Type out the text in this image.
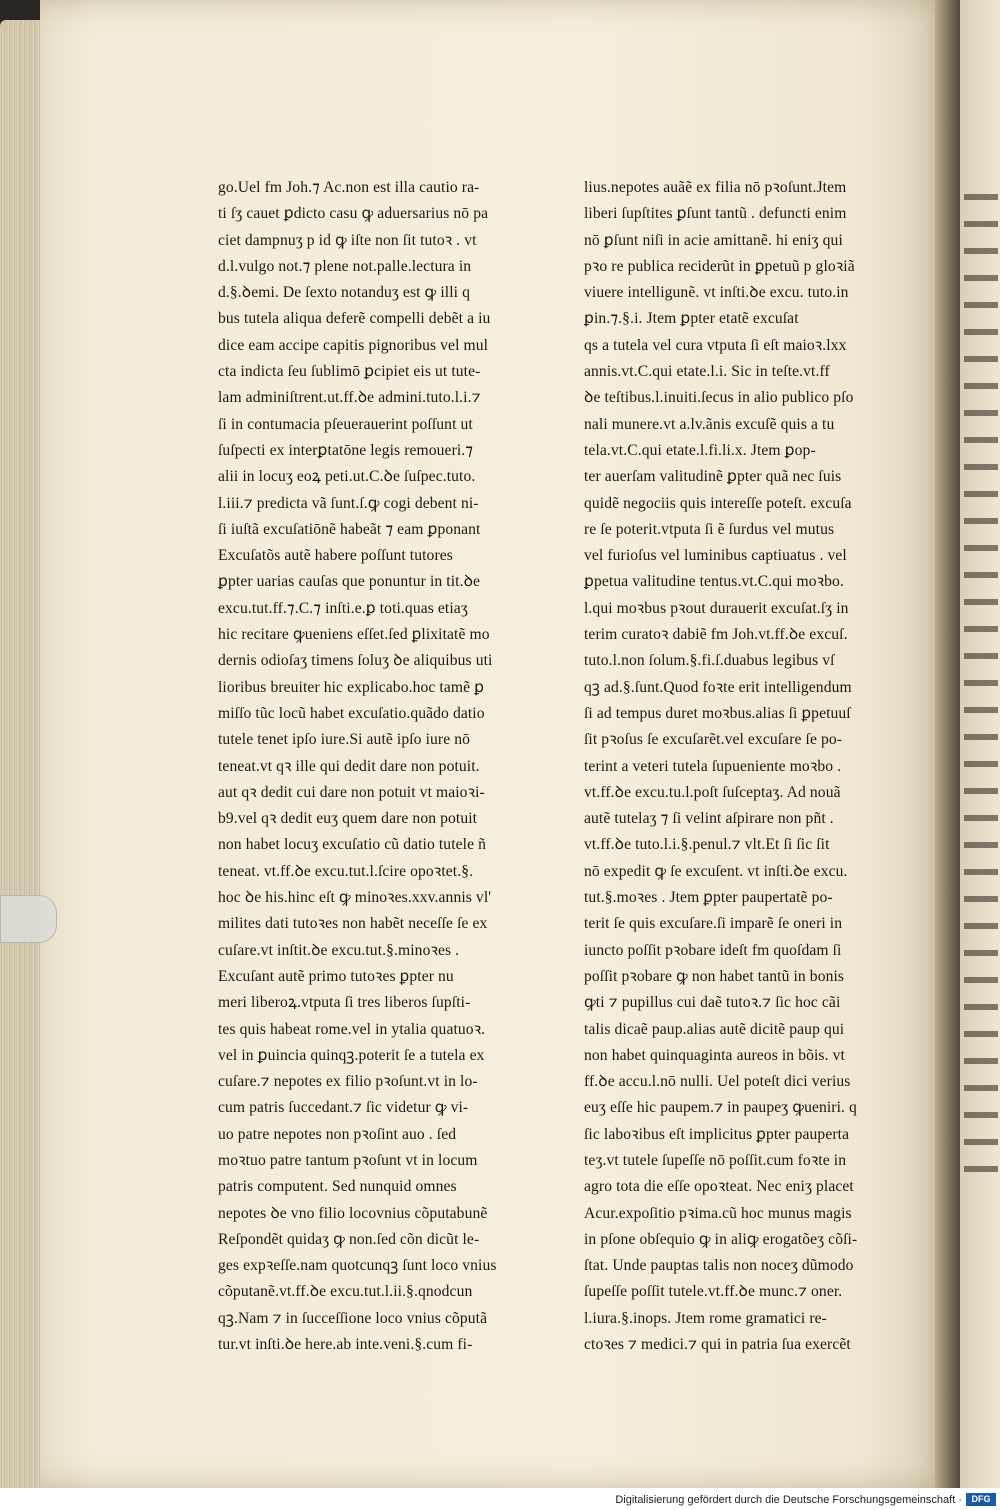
go.Uel fm Joh.⁊ Ac.non est illa cautio ra-
ti ſʒ cauet ꝑdicto casu ꝙ aduersarius nō pa
ciet dampnuʒ p id ꝙ iſte non ſit tutoꝛ . vt
d.l.vulgo not.⁊ plene not.palle.lectura in
d.§.ꝺemi. De ſexto notanduʒ est ꝙ illi q
bus tutela aliqua deferẽ compelli debẽt a iu
dice eam accipe capitis pignoribus vel mul
cta indicta ſeu ſublimō ꝑcipiet eis ut tute-
lam adminiſtrent.ut.ff.ꝺe admini.tuto.l.i.⁊
ſi in contumacia pſeuerauerint poſſunt ut
ſuſpecti ex interꝑtatōne legis remoueri.⁊
alii in locuʒ eoꝝ peti.ut.C.ꝺe ſuſpec.tuto.
l.iii.⁊ predicta vã ſunt.ſ.ꝙ cogi debent ni-
ſi iuſtã excuſatiōnẽ habeãt ⁊ eam ꝑponant
Excuſatõs autẽ habere poſſunt tutores
ꝑpter uarias cauſas que ponuntur in tit.ꝺe
excu.tut.ff.⁊.C.⁊ inſti.e.ꝑ toti.quas etiaʒ
hic recitare ꝙueniens eſſet.ſed ꝑlixitatẽ mo
dernis odioſaʒ timens ſoluʒ ꝺe aliquibus uti
lioribus breuiter hic explicabo.hoc tamẽ ꝑ
miſſo tũc locũ habet excuſatio.quãdo datio
tutele tenet ipſo iure.Si autẽ ipſo iure nō
teneat.vt qꝛ ille qui dedit dare non potuit.
aut qꝛ dedit cui dare non potuit vt maioꝛi-
b9.vel qꝛ dedit euʒ quem dare non potuit
non habet locuʒ excuſatio cũ datio tutele ñ
teneat. vt.ff.ꝺe excu.tut.l.ſcire opoꝛtet.§.
hoc ꝺe his.hinc eſt ꝙ minoꝛes.xxv.annis vl'
milites dati tutoꝛes non habẽt neceſſe ſe ex
cuſare.vt inſtit.ꝺe excu.tut.§.minoꝛes .
Excuſant autẽ primo tutoꝛes ꝑpter nu
meri liberoꝝ.vtputa ſi tres liberos ſupſti-
tes quis habeat rome.vel in ytalia quatuoꝛ.
vel in ꝑuincia quinqꝫ.poterit ſe a tutela ex
cuſare.⁊ nepotes ex filio pꝛoſunt.vt in lo-
cum patris ſuccedant.⁊ ſic videtur ꝙ vi-
uo patre nepotes non pꝛoſint auo . ſed
moꝛtuo patre tantum pꝛoſunt vt in locum
patris computent. Sed nunquid omnes
nepotes ꝺe vno filio locovnius cõputabunẽ
Reſpondẽt quidaʒ ꝙ non.ſed cõn dicũt le-
ges expꝛeſſe.nam quotcunqꝫ ſunt loco vnius
cõputanẽ.vt.ff.ꝺe excu.tut.l.ii.§.qnodcun
qꝫ.Nam ⁊ in ſucceſſione loco vnius cõputã
tur.vt inſti.ꝺe here.ab inte.veni.§.cum fi-
lius.nepotes auãẽ ex filia nō pꝛoſunt.Jtem
liberi ſupſtites ꝑſunt tantũ . defuncti enim
nō ꝑſunt niſi in acie amittanẽ. hi eniʒ qui
pꝛo re publica reciderũt in ꝑpetuũ p gloꝛiã
viuere intelligunẽ. vt inſti.ꝺe excu. tuto.in
ꝑin.⁊.§.i. Jtem ꝑpter etatẽ excuſat
qs a tutela vel cura vtputa ſi eſt maioꝛ.lxx
annis.vt.C.qui etate.l.i. Sic in teſte.vt.ff
ꝺe teſtibus.l.inuiti.ſecus in alio publico pſo
nali munere.vt a.lv.ãnis excuſẽ quis a tu
tela.vt.C.qui etate.l.fi.li.x. Jtem ꝑop-
ter auerſam valitudinẽ ꝑpter quã nec ſuis
quidẽ negociis quis intereſſe poteſt. excuſa
re ſe poterit.vtputa ſi ẽ ſurdus vel mutus
vel furioſus vel luminibus captiuatus . vel
ꝑpetua valitudine tentus.vt.C.qui moꝛbo.
l.qui moꝛbus pꝛout durauerit excuſat.ſʒ in
terim curatoꝛ dabiẽ fm Joh.vt.ff.ꝺe excuſ.
tuto.l.non ſolum.§.fi.ſ.duabus legibus vſ
qꝫ ad.§.ſunt.Quod foꝛte erit intelligendum
ſi ad tempus duret moꝛbus.alias ſi ꝑpetuuſ
ſit pꝛoſus ſe excuſarẽt.vel excuſare ſe po-
terint a veteri tutela ſupueniente moꝛbo .
vt.ff.ꝺe excu.tu.l.poſt ſuſceptaʒ. Ad nouã
autẽ tutelaʒ ⁊ ſi velint aſpirare non pñt .
vt.ff.ꝺe tuto.l.i.§.penul.⁊ vlt.Et ſi ſic ſit
nō expedit ꝙ ſe excuſent. vt inſti.ꝺe excu.
tut.§.moꝛes . Jtem ꝑpter paupertatẽ po-
terit ſe quis excuſare.ſi imparẽ ſe oneri in
iuncto poſſit pꝛobare ideſt fm quoſdam ſi
poſſit pꝛobare ꝙ non habet tantũ in bonis
ꝙti ⁊ pupillus cui daẽ tutoꝛ.⁊ ſic hoc cãi
talis dicaẽ paup.alias autẽ dicitẽ paup qui
non habet quinquaginta aureos in bõis. vt
ff.ꝺe accu.l.nō nulli. Uel poteſt dici verius
euʒ eſſe hic paupem.⁊ in paupeʒ ꝙueniri. q
ſic laboꝛibus eſt implicitus ꝑpter pauperta
teʒ.vt tutele ſupeſſe nō poſſit.cum foꝛte in
agro tota die eſſe opoꝛteat. Nec eniʒ placet
Acur.expoſitio pꝛima.cũ hoc munus magis
in pſone obſequio ꝙ in aliꝙ erogatõeʒ cõſi-
ſtat. Unde pauptas talis non noceʒ dũmodo
ſupeſſe poſſit tutele.vt.ff.ꝺe munc.⁊ oner.
l.iura.§.inops. Jtem rome gramatici re-
ctoꝛes ⁊ medici.⁊ qui in patria ſua exercẽt
Digitalisierung gefördert durch die Deutsche Forschungsgemeinschaft ·	DFG
